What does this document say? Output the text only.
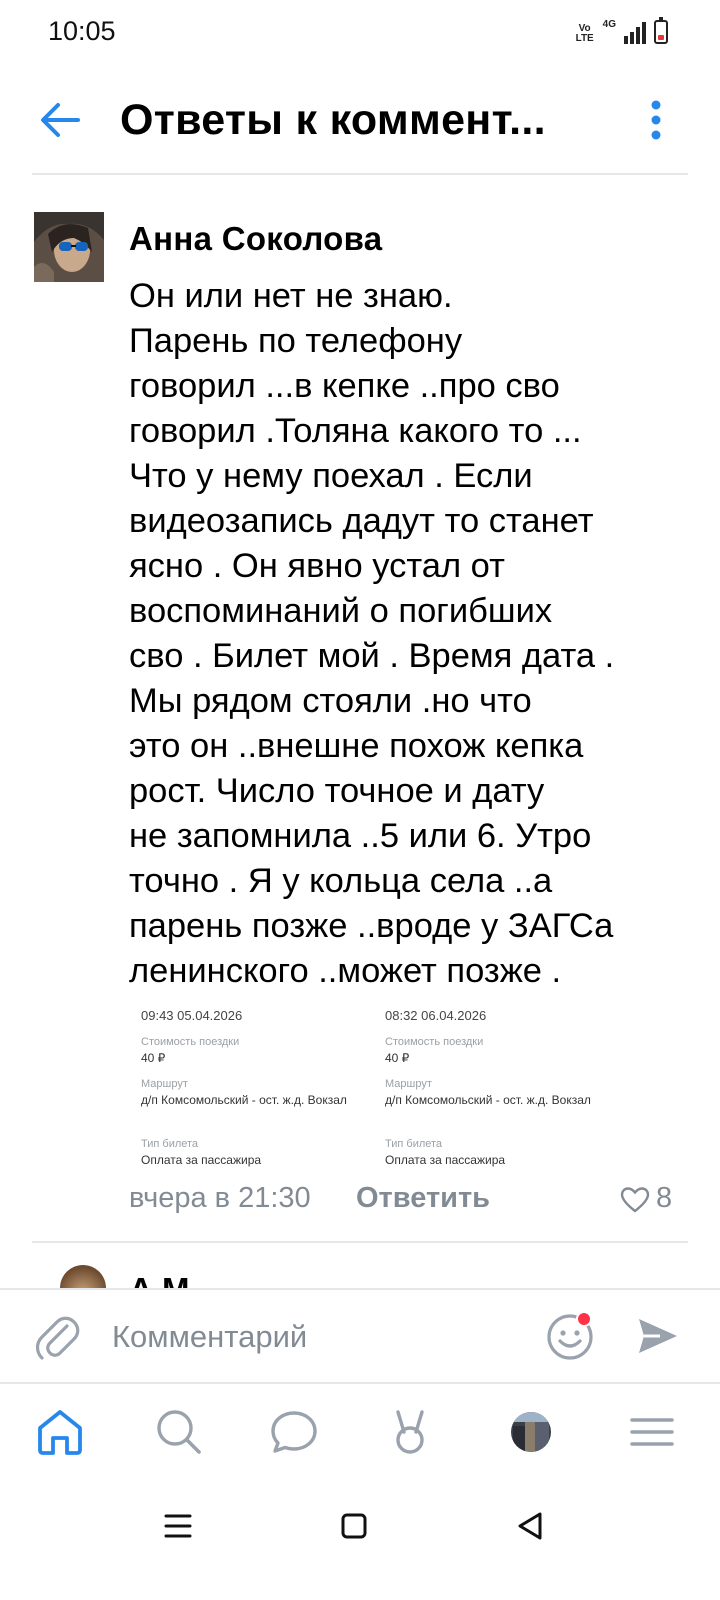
10:05	Vo LTE
4G
Ответы к коммент...
Анна Соколова
Он или нет не знаю.
Парень по телефону
говорил ...в кепке ..про сво
говорил .Толяна какого то ...
Что у нему поехал . Если
видеозапись дадут то станет
ясно . Он явно устал от
воспоминаний о погибших
сво . Билет мой . Время дата .
Мы рядом стояли .но что
это он ..внешне похож кепка
рост. Число точное и дату
не запомнила ..5 или 6. Утро
точно . Я у кольца села ..а
парень позже ..вроде у ЗАГСа
ленинского ..может позже .
09:43 05.04.2026
Стоимость поездки
40 ₽
Маршрут
д/п Комсомольский - ост. ж.д. Вокзал
Тип билета
Оплата за пассажира
08:32 06.04.2026
Стоимость поездки
40 ₽
Маршрут
д/п Комсомольский - ост. ж.д. Вокзал
Тип билета
Оплата за пассажира
вчера в 21:30 Ответить	8
Комментарий
